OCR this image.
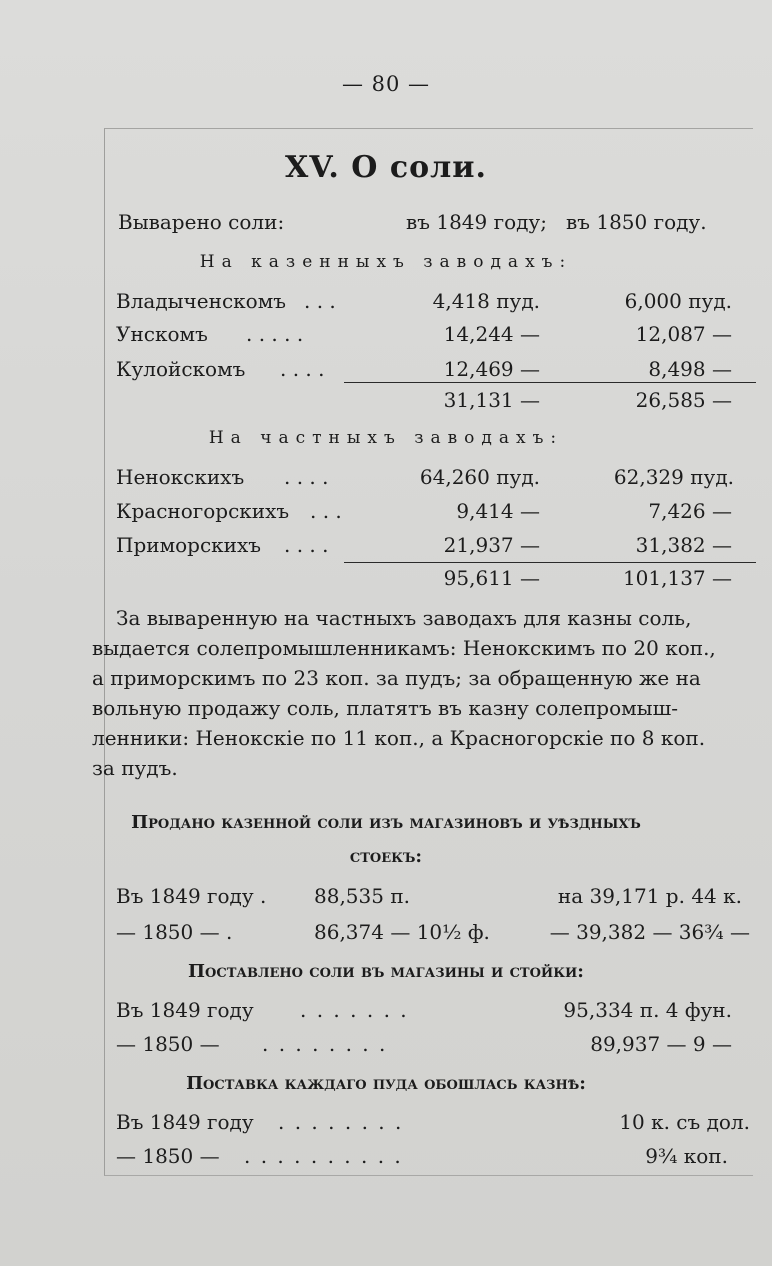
— 80 —
XV. О соли.
Выварено соли:	въ 1849 году; въ 1850 году.
На казенныхъ заводахъ:
Владыченскомъ . . .	4,418 пуд.	6,000 пуд.
Унскомъ . . . . .	14,244 —	12,087 —
Кулойскомъ . . . .	12,469 —	8,498 —
31,131 —	26,585 —
На частныхъ заводахъ:
Ненокскихъ . . . .	64,260 пуд.	62,329 пуд.
Красногорскихъ . . .	9,414 —	7,426 —
Приморскихъ . . . .	21,937 —	31,382 —
95,611 —	101,137 —
За вываренную на частныхъ заводахъ для казны соль,
выдается солепромышленникамъ: Ненокскимъ по 20 коп.,
а приморскимъ по 23 коп. за пудъ; за обращенную же на
вольную продажу соль, платятъ въ казну солепромыш-
ленники: Ненокскіе по 11 коп., а Красногорскіе по 8 коп.
за пудъ.
Продано казенной соли изъ магазиновъ и уѣздныхъ
стоекъ:
Въ 1849 году . 88,535 п.	на 39,171 р. 44 к.
— 1850 — .	86,374 — 10½ ф.	— 39,382 — 36¾ —
Поставлено соли въ магазины и стойки:
Въ 1849 году . . . . . . .	95,334 п. 4 фун.
— 1850 — . . . . . . . .	89,937 — 9 —
Поставка каждаго пуда обошлась казнѣ:
Въ 1849 году . . . . . . . .	10 к. съ дол.
— 1850 — . . . . . . . . . .	9¾ коп.
